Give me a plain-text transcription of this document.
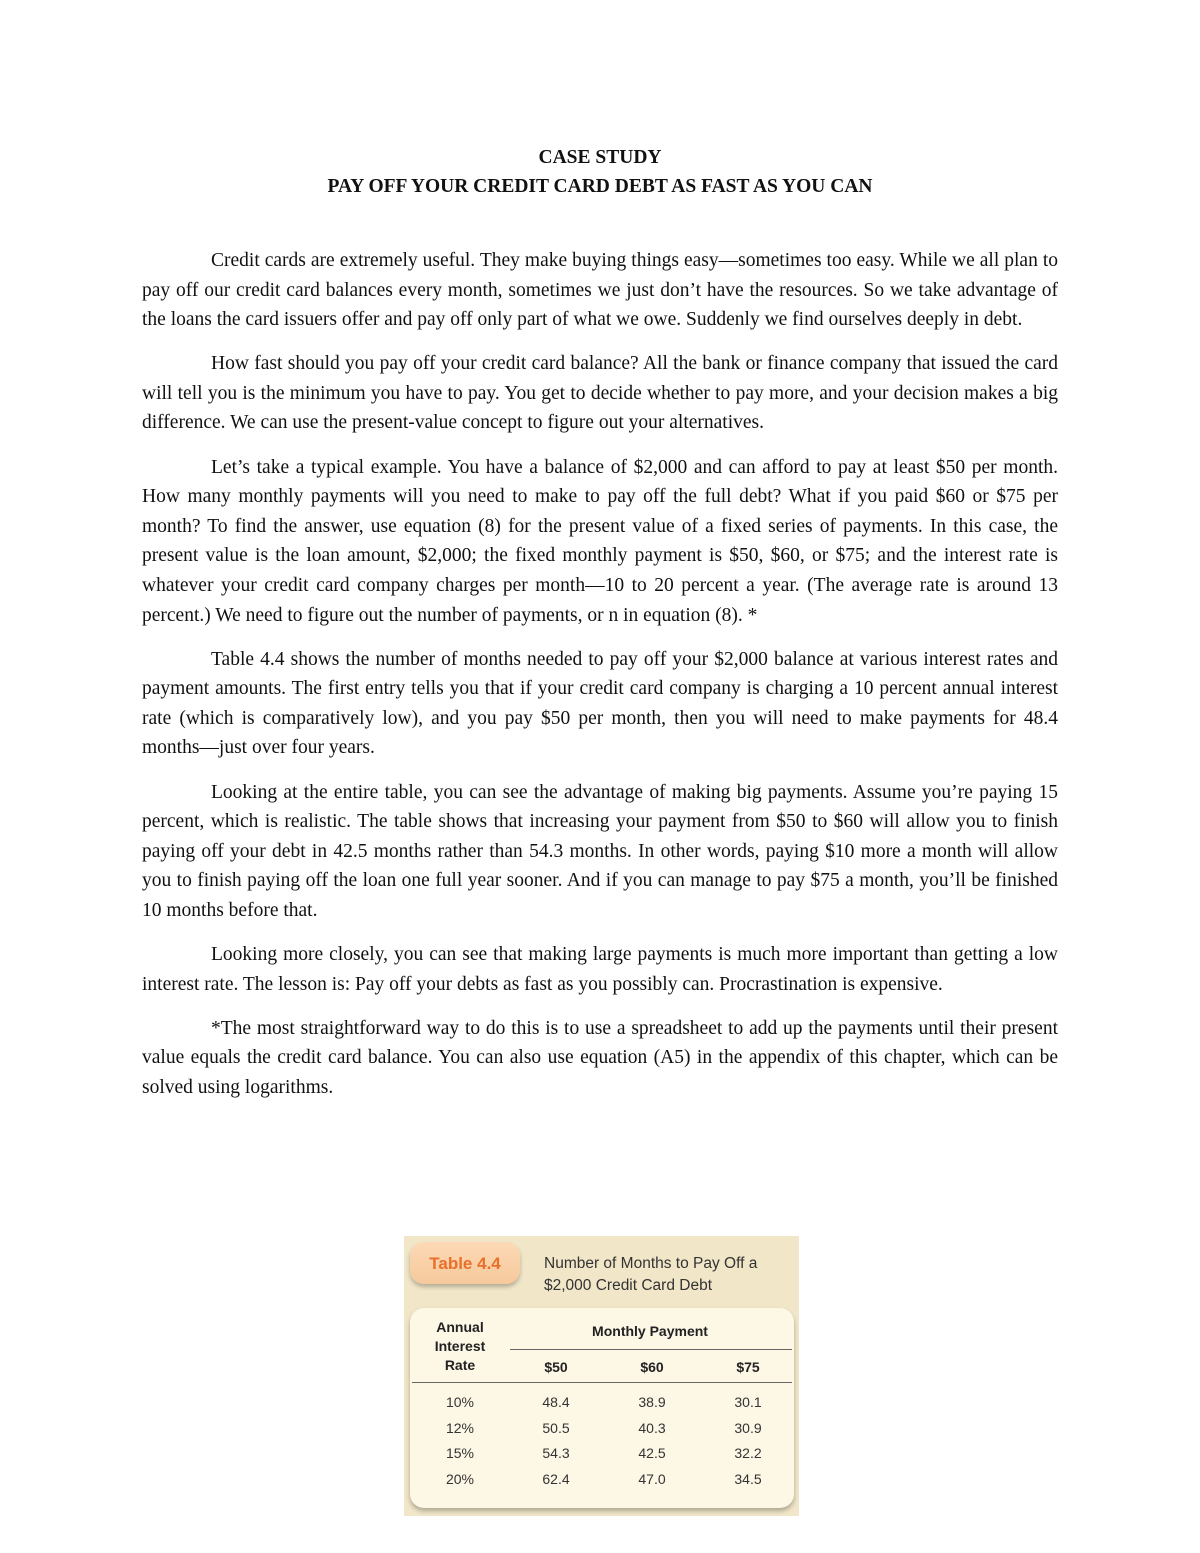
CASE STUDY

PAY OFF YOUR CREDIT CARD DEBT AS FAST AS YOU CAN

Credit cards are extremely useful. They make buying things easy—sometimes too easy. While we all plan to pay off our credit card balances every month, sometimes we just don’t have the resources. So we take advantage of the loans the card issuers offer and pay off only part of what we owe. Suddenly we find ourselves deeply in debt.

How fast should you pay off your credit card balance? All the bank or finance company that issued the card will tell you is the minimum you have to pay. You get to decide whether to pay more, and your decision makes a big difference. We can use the present-value concept to figure out your alternatives.

Let’s take a typical example. You have a balance of $2,000 and can afford to pay at least $50 per month. How many monthly payments will you need to make to pay off the full debt? What if you paid $60 or $75 per month? To find the answer, use equation (8) for the present value of a fixed series of payments. In this case, the present value is the loan amount, $2,000; the fixed monthly payment is $50, $60, or $75; and the interest rate is whatever your credit card company charges per month—10 to 20 percent a year. (The average rate is around 13 percent.) We need to figure out the number of payments, or n in equation (8). *

Table 4.4 shows the number of months needed to pay off your $2,000 balance at various interest rates and payment amounts. The first entry tells you that if your credit card company is charging a 10 percent annual interest rate (which is comparatively low), and you pay $50 per month, then you will need to make payments for 48.4 months—just over four years.

Looking at the entire table, you can see the advantage of making big payments. Assume you’re paying 15 percent, which is realistic. The table shows that increasing your payment from $50 to $60 will allow you to finish paying off your debt in 42.5 months rather than 54.3 months. In other words, paying $10 more a month will allow you to finish paying off the loan one full year sooner. And if you can manage to pay $75 a month, you’ll be finished 10 months before that.

Looking more closely, you can see that making large payments is much more important than getting a low interest rate. The lesson is: Pay off your debts as fast as you possibly can. Procrastination is expensive.

*The most straightforward way to do this is to use a spreadsheet to add up the payments until their present value equals the credit card balance. You can also use equation (A5) in the appendix of this chapter, which can be solved using logarithms.

Table 4.4	Number of Months to Pay Off a
$2,000 Credit Card Debt
Annual
Interest
Rate
Monthly Payment
$50	$60	$75
10%	48.4	38.9	30.1
12%	50.5	40.3	30.9
15%	54.3	42.5	32.2
20%	62.4	47.0	34.5
